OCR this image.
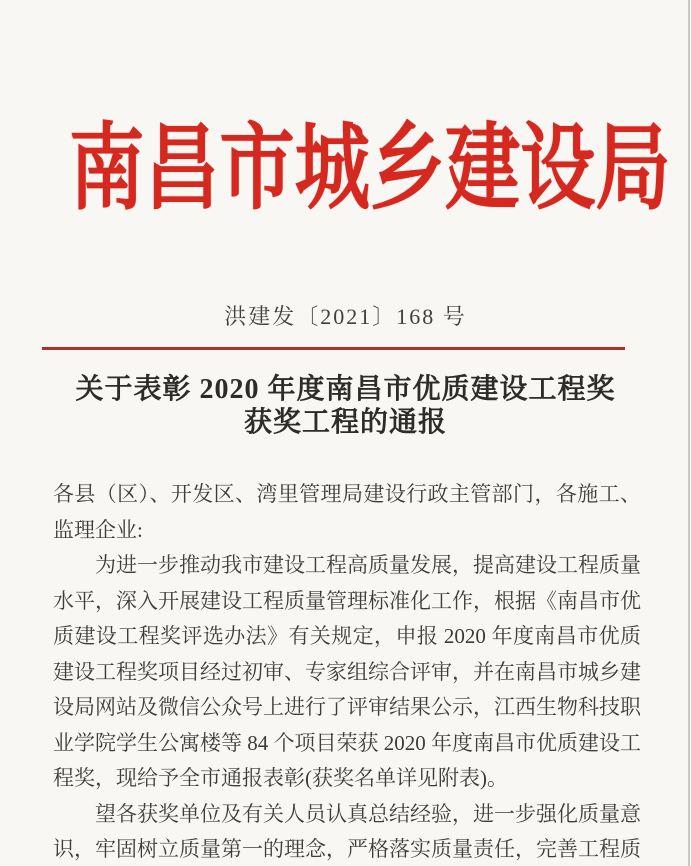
南昌市城乡建设局
洪建发〔2021〕168 号
关于表彰 2020 年度南昌市优质建设工程奖
获奖工程的通报

各县（区）、开发区、湾里管理局建设行政主管部门，各施工、监理企业:

为进一步推动我市建设工程高质量发展，提高建设工程质量水平，深入开展建设工程质量管理标准化工作，根据《南昌市优质建设工程奖评选办法》有关规定，申报 2020 年度南昌市优质建设工程奖项目经过初审、专家组综合评审，并在南昌市城乡建设局网站及微信公众号上进行了评审结果公示，江西生物科技职业学院学生公寓楼等 84 个项目荣获 2020 年度南昌市优质建设工程奖，现给予全市通报表彰(获奖名单详见附表)。

望各获奖单位及有关人员认真总结经验，进一步强化质量意识，牢固树立质量第一的理念，严格落实质量责任，完善工程质
